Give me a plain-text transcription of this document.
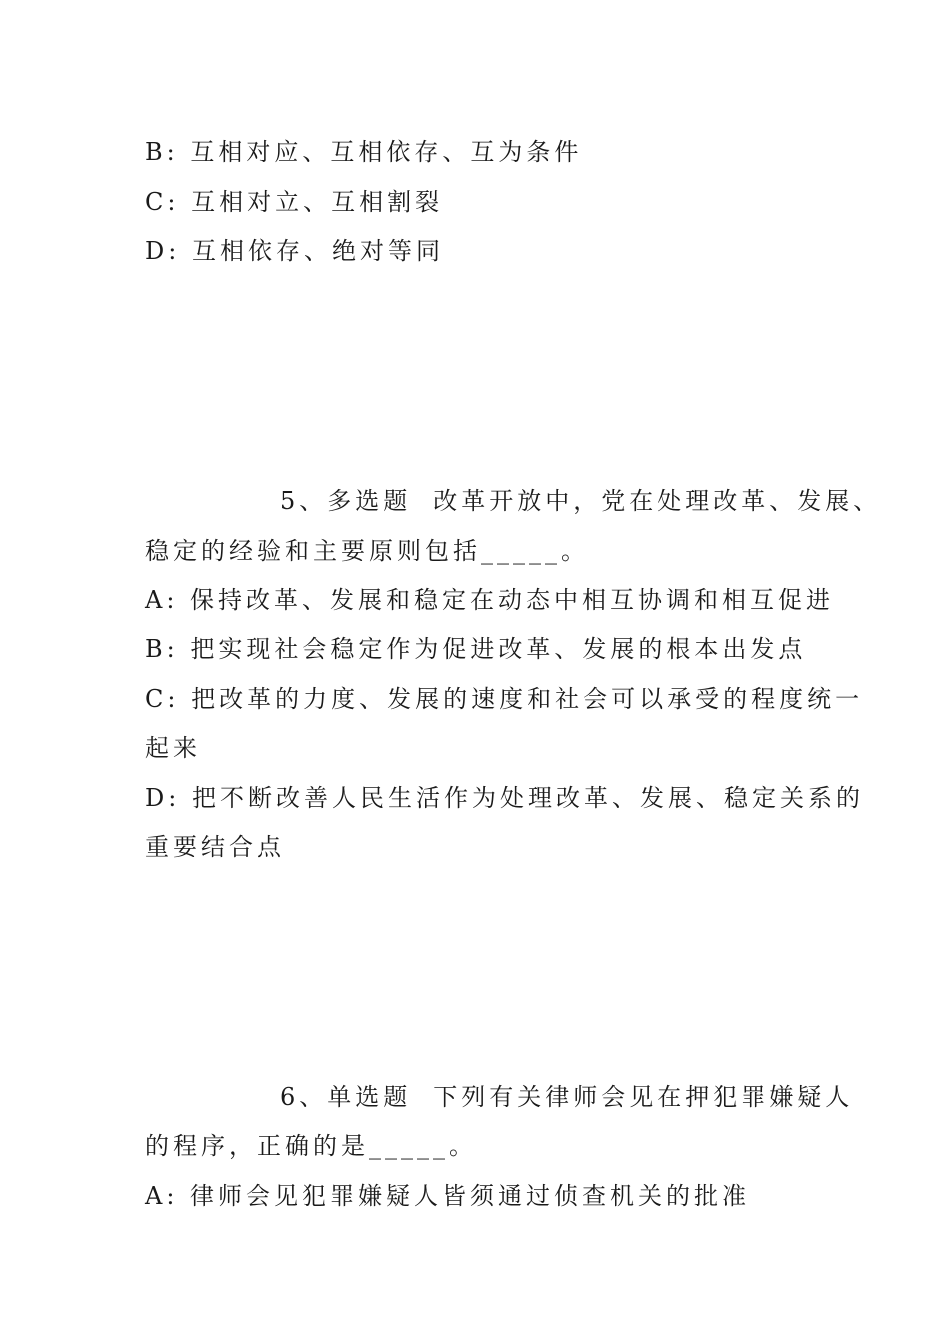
B: 互相对应、互相依存、互为条件
C: 互相对立、互相割裂
D: 互相依存、绝对等同
5、多选题 改革开放中，党在处理改革、发展、
稳定的经验和主要原则包括_____。
A: 保持改革、发展和稳定在动态中相互协调和相互促进
B: 把实现社会稳定作为促进改革、发展的根本出发点
C: 把改革的力度、发展的速度和社会可以承受的程度统一
起来
D: 把不断改善人民生活作为处理改革、发展、稳定关系的
重要结合点
6、单选题 下列有关律师会见在押犯罪嫌疑人
的程序，正确的是_____。
A: 律师会见犯罪嫌疑人皆须通过侦查机关的批准
